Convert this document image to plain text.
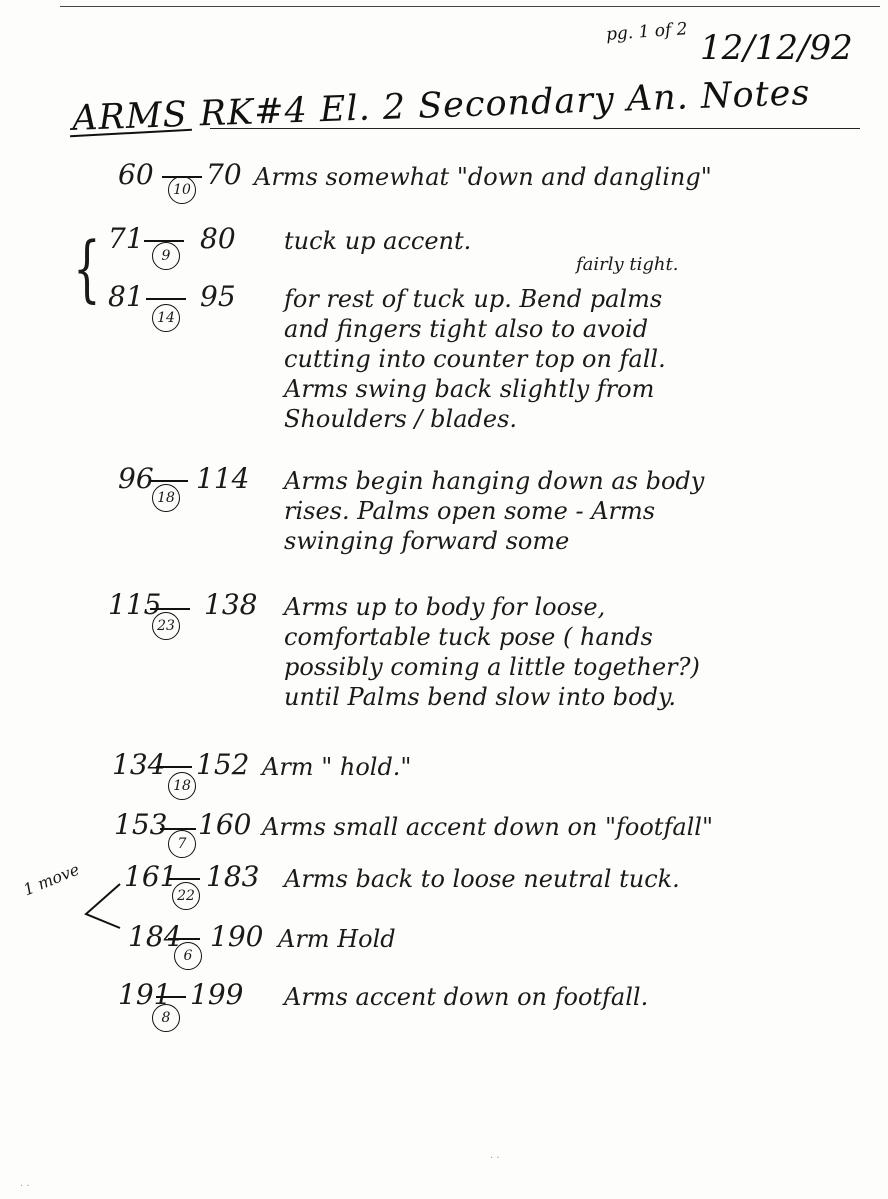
pg. 1 of 2 12/12/92
ARMS RK#4 El. 2 Secondary An. Notes
60	10 70 Arms somewhat "down and dangling"
{ 71
9
80 tuck up accent.
fairly tight.
81
14
95 for rest of tuck up. Bend palms
and fingers tight also to avoid
cutting into counter top on fall.
Arms swing back slightly from
Shoulders / blades.
96
18
114 Arms begin hanging down as body
rises. Palms open some - Arms
swinging forward some
115
23
138 Arms up to body for loose,
comfortable tuck pose ( hands
possibly coming a little together?)
until Palms bend slow into body.
134
18
152 Arm " hold."
153
7
160 Arms small accent down on "footfall"
1 move 161
22
183 Arms back to loose neutral tuck.
184
6
190 Arm Hold
191
8
199 Arms accent down on footfall.
. .
. .
